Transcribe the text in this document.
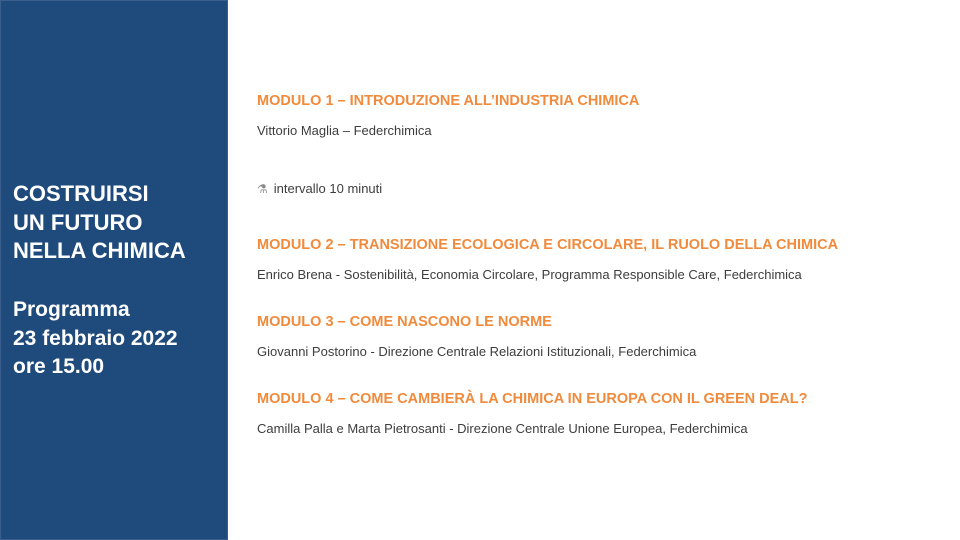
COSTRUIRSI
UN FUTURO
NELLA CHIMICA
Programma
23 febbraio 2022
ore 15.00
MODULO 1 – INTRODUZIONE ALL’INDUSTRIA CHIMICA
Vittorio Maglia – Federchimica
⚗ intervallo 10 minuti
MODULO 2 – TRANSIZIONE ECOLOGICA E CIRCOLARE, IL RUOLO DELLA CHIMICA
Enrico Brena - Sostenibilità, Economia Circolare, Programma Responsible Care, Federchimica
MODULO 3 – COME NASCONO LE NORME
Giovanni Postorino - Direzione Centrale Relazioni Istituzionali, Federchimica
MODULO 4 – COME CAMBIERÀ LA CHIMICA IN EUROPA CON IL GREEN DEAL?
Camilla Palla e Marta Pietrosanti - Direzione Centrale Unione Europea, Federchimica
